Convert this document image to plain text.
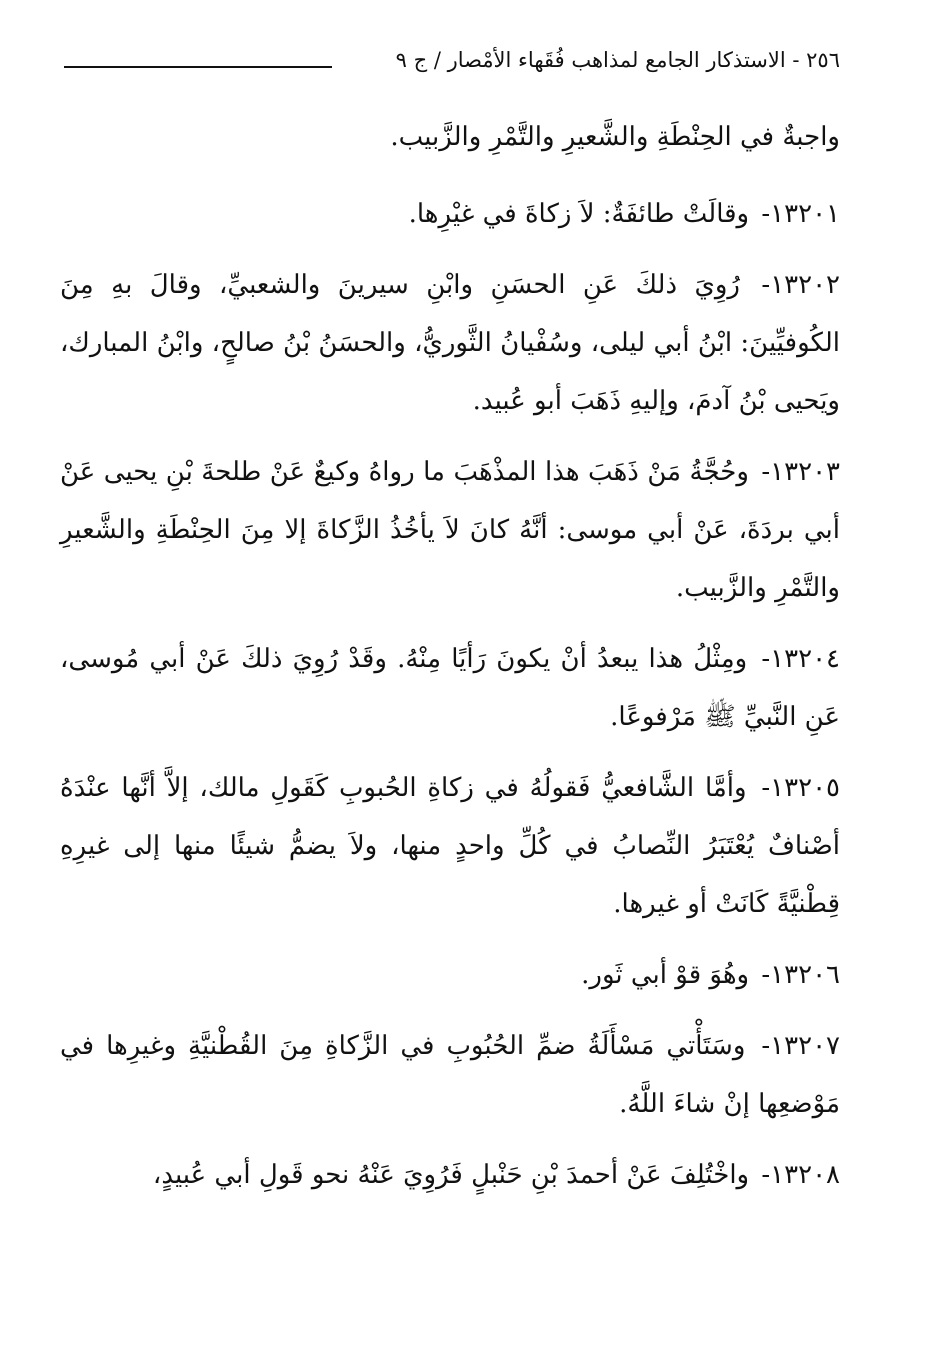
٢٥٦ - الاستذكار الجامع لمذاهب فُقَهاء الأمْصار / ج ٩

واجبةٌ في الحِنْطَةِ والشَّعيرِ والتَّمْرِ والزَّبيب.

١٣٢٠١- وقالَتْ طائفَةٌ: لاَ زكاةَ في غيْرِها.

١٣٢٠٢- رُوِيَ ذلكَ عَنِ الحسَنِ وابْنِ سيرينَ والشعبيِّ، وقالَ بهِ مِنَ الكُوفيِّينَ: ابْنُ أبي ليلى، وسُفْيانُ الثَّوريُّ، والحسَنُ بْنُ صالحٍ، وابْنُ المبارك، ويَحيى بْنُ آدمَ، وإليهِ ذَهَبَ أبو عُبيد.

١٣٢٠٣- وحُجَّةُ مَنْ ذَهَبَ هذا المذْهَبَ ما رواهُ وكيعٌ عَنْ طلحةَ بْنِ يحيى عَنْ أبي بردَةَ، عَنْ أبي موسى: أنَّهُ كانَ لاَ يأخُذُ الزَّكاةَ إلا مِنَ الحِنْطَةِ والشَّعيرِ والتَّمْرِ والزَّبيب.

١٣٢٠٤- ومِثْلُ هذا يبعدُ أنْ يكونَ رَأيًا مِنْهُ. وقَدْ رُوِيَ ذلكَ عَنْ أبي مُوسى، عَنِ النَّبيِّ ﷺ مَرْفوعًا.

١٣٢٠٥- وأمَّا الشَّافعيُّ فَقولُهُ في زكاةِ الحُبوبِ كَقَولِ مالك، إلاَّ أنَّها عنْدَهُ أصْنافٌ يُعْتَبَرُ النِّصابُ في كُلِّ واحدٍ منها، ولاَ يضمُّ شيئًا منها إلى غيرِهِ قِطْنيَّةً كَانَتْ أو غيرها.

١٣٢٠٦- وهُوَ قوْ أبي ثَور.

١٣٢٠٧- وسَتَأْتي مَسْأَلَةُ ضمِّ الحُبُوبِ في الزَّكاةِ مِنَ القُطْنيَّةِ وغيرِها في مَوْضعِها إنْ شاءَ اللَّهُ.

١٣٢٠٨- واخْتُلِفَ عَنْ أحمدَ بْنِ حَنْبلٍ فَرُوِيَ عَنْهُ نحو قَولِ أبي عُبيدٍ،
